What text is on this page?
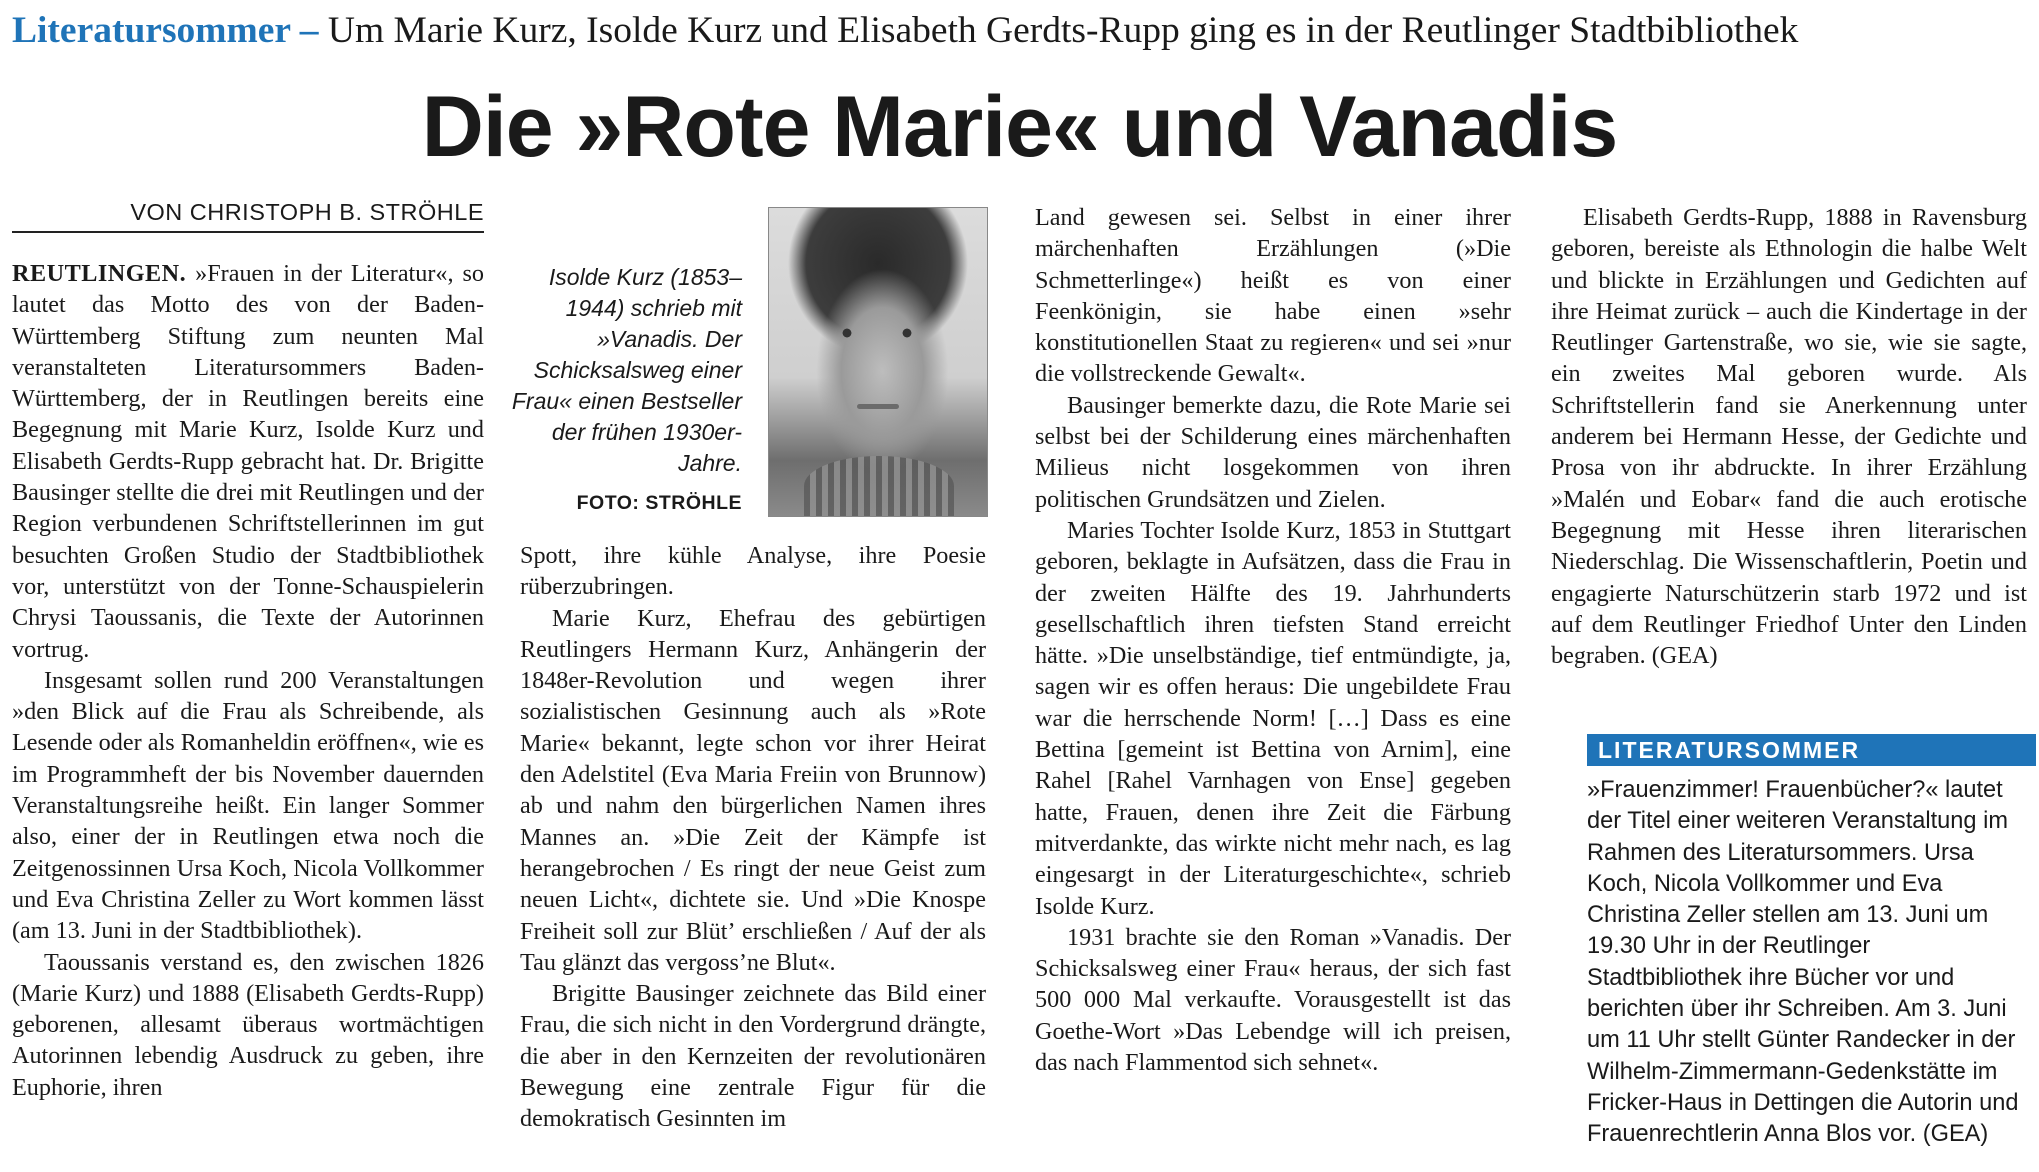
Literatursommer – Um Marie Kurz, Isolde Kurz und Elisabeth Gerdts-Rupp ging es in der Reutlinger Stadtbibliothek
Die »Rote Marie« und Vanadis
VON CHRISTOPH B. STRÖHLE

REUTLINGEN. »Frauen in der Literatur«, so lautet das Motto des von der Baden-Württemberg Stiftung zum neunten Mal veranstalteten Literatursommers Baden-Württemberg, der in Reutlingen bereits eine Begegnung mit Marie Kurz, Isolde Kurz und Elisabeth Gerdts-Rupp gebracht hat. Dr. Brigitte Bausinger stellte die drei mit Reutlingen und der Region verbundenen Schriftstellerinnen im gut besuchten Großen Studio der Stadtbibliothek vor, unterstützt von der Tonne-Schauspielerin Chrysi Taoussanis, die Texte der Autorinnen vortrug.

Insgesamt sollen rund 200 Veranstaltungen »den Blick auf die Frau als Schreibende, als Lesende oder als Romanheldin eröffnen«, wie es im Programmheft der bis November dauernden Veranstaltungsreihe heißt. Ein langer Sommer also, einer der in Reutlingen etwa noch die Zeitgenossinnen Ursa Koch, Nicola Vollkommer und Eva Christina Zeller zu Wort kommen lässt (am 13. Juni in der Stadtbibliothek).

Taoussanis verstand es, den zwischen 1826 (Marie Kurz) und 1888 (Elisabeth Gerdts-Rupp) geborenen, allesamt überaus wortmächtigen Autorinnen lebendig Ausdruck zu geben, ihre Euphorie, ihren

Isolde Kurz (1853–1944) schrieb mit »Vanadis. Der Schicksalsweg einer Frau« einen Bestseller der frühen 1930er-Jahre.
FOTO: STRÖHLE

Spott, ihre kühle Analyse, ihre Poesie rüberzubringen.

Marie Kurz, Ehefrau des gebürtigen Reutlingers Hermann Kurz, Anhängerin der 1848er-Revolution und wegen ihrer sozialistischen Gesinnung auch als »Rote Marie« bekannt, legte schon vor ihrer Heirat den Adelstitel (Eva Maria Freiin von Brunnow) ab und nahm den bürgerlichen Namen ihres Mannes an. »Die Zeit der Kämpfe ist herangebrochen / Es ringt der neue Geist zum neuen Licht«, dichtete sie. Und »Die Knospe Freiheit soll zur Blüt’ erschließen / Auf der als Tau glänzt das vergoss’ne Blut«.

Brigitte Bausinger zeichnete das Bild einer Frau, die sich nicht in den Vordergrund drängte, die aber in den Kernzeiten der revolutionären Bewegung eine zentrale Figur für die demokratisch Gesinnten im

Land gewesen sei. Selbst in einer ihrer märchenhaften Erzählungen (»Die Schmetterlinge«) heißt es von einer Feenkönigin, sie habe einen »sehr konstitutionellen Staat zu regieren« und sei »nur die vollstreckende Gewalt«.

Bausinger bemerkte dazu, die Rote Marie sei selbst bei der Schilderung eines märchenhaften Milieus nicht losgekommen von ihren politischen Grundsätzen und Zielen.

Maries Tochter Isolde Kurz, 1853 in Stuttgart geboren, beklagte in Aufsätzen, dass die Frau in der zweiten Hälfte des 19. Jahrhunderts gesellschaftlich ihren tiefsten Stand erreicht hätte. »Die unselbständige, tief entmündigte, ja, sagen wir es offen heraus: Die ungebildete Frau war die herrschende Norm! […] Dass es eine Bettina [gemeint ist Bettina von Arnim], eine Rahel [Rahel Varnhagen von Ense] gegeben hatte, Frauen, denen ihre Zeit die Färbung mitverdankte, das wirkte nicht mehr nach, es lag eingesargt in der Literaturgeschichte«, schrieb Isolde Kurz.

1931 brachte sie den Roman »Vanadis. Der Schicksalsweg einer Frau« heraus, der sich fast 500 000 Mal verkaufte. Vorausgestellt ist das Goethe-Wort »Das Lebendge will ich preisen, das nach Flammentod sich sehnet«.

Elisabeth Gerdts-Rupp, 1888 in Ravensburg geboren, bereiste als Ethnologin die halbe Welt und blickte in Erzählungen und Gedichten auf ihre Heimat zurück – auch die Kindertage in der Reutlinger Gartenstraße, wo sie, wie sie sagte, ein zweites Mal geboren wurde. Als Schriftstellerin fand sie Anerkennung unter anderem bei Hermann Hesse, der Gedichte und Prosa von ihr abdruckte. In ihrer Erzählung »Malén und Eobar« fand die auch erotische Begegnung mit Hesse ihren literarischen Niederschlag. Die Wissenschaftlerin, Poetin und engagierte Naturschützerin starb 1972 und ist auf dem Reutlinger Friedhof Unter den Linden begraben. (GEA)

LITERATURSOMMER
»Frauenzimmer! Frauenbücher?« lautet der Titel einer weiteren Veranstaltung im Rahmen des Literatursommers. Ursa Koch, Nicola Vollkommer und Eva Christina Zeller stellen am 13. Juni um 19.30 Uhr in der Reutlinger Stadtbibliothek ihre Bücher vor und berichten über ihr Schreiben. Am 3. Juni um 11 Uhr stellt Günter Randecker in der Wilhelm-Zimmermann-Gedenkstätte im Fricker-Haus in Dettingen die Autorin und Frauenrechtlerin Anna Blos vor. (GEA)
